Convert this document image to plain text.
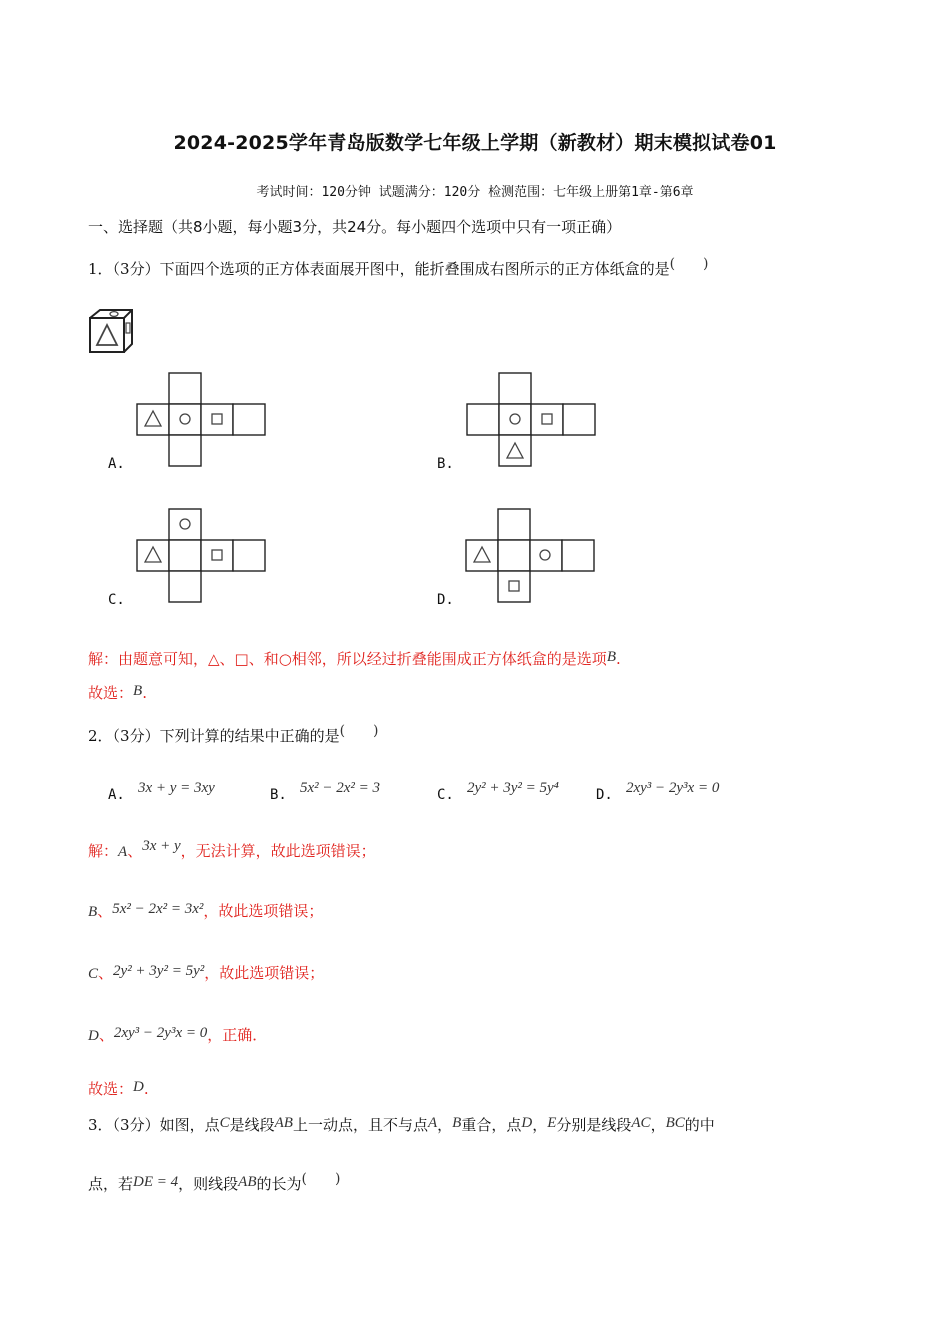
2024-2025学年青岛版数学七年级上学期（新教材）期末模拟试卷01
考试时间：120分钟 试题满分：120分 检测范围：七年级上册第1章-第6章
一、选择题（共8小题，每小题3分，共24分。每小题四个选项中只有一项正确）
1．（3分）下面四个选项的正方体表面展开图中，能折叠围成右图所示的正方体纸盒的是(　　)
A.	B.
C.	D.
解：由题意可知，△、□、和○相邻，所以经过折叠能围成正方体纸盒的是选项B.
故选：B.
2．（3分）下列计算的结果中正确的是(　　)
A. 3x + y = 3xy	B. 5x² − 2x² = 3	C. 2y² + 3y² = 5y⁴	D. 2xy³ − 2y³x = 0
解：A、3x + y，无法计算，故此选项错误；
B、5x² − 2x² = 3x²，故此选项错误；
C、2y² + 3y² = 5y²，故此选项错误；
D、2xy³ − 2y³x = 0，正确．
故选：D.
3．（3分）如图，点C是线段AB上一动点，且不与点A，B重合，点D，E分别是线段AC，BC的中
点，若DE = 4，则线段AB的长为(　　)
